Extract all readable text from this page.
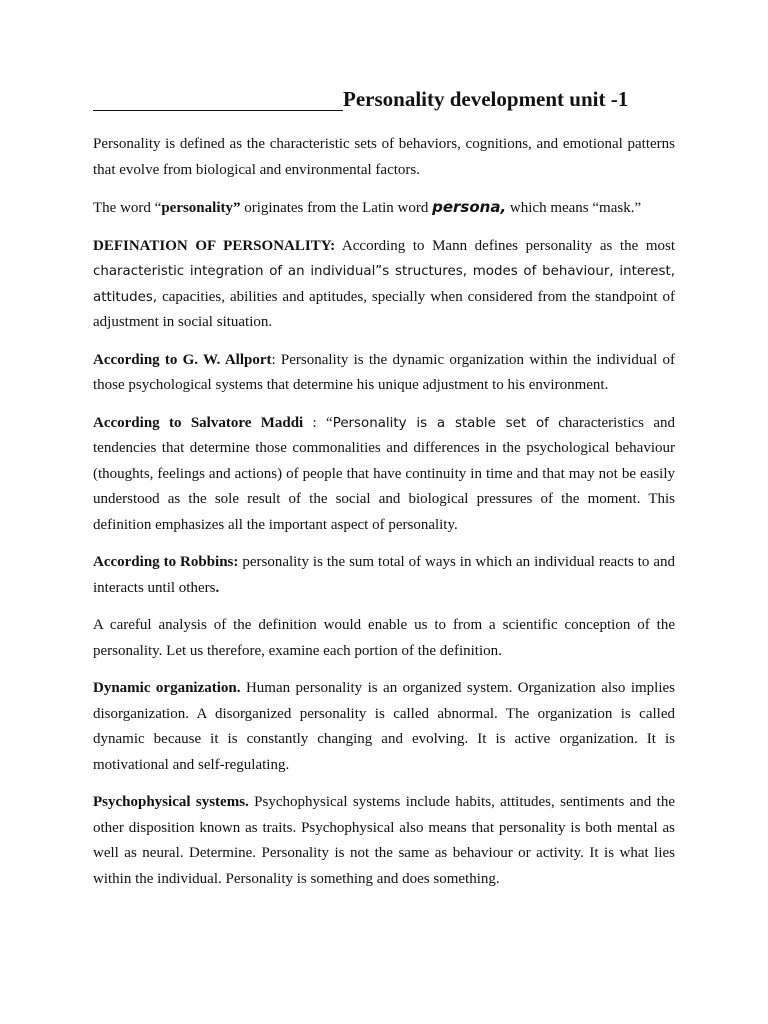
Personality development unit -1

Personality is defined as the characteristic sets of behaviors, cognitions, and emotional patterns that evolve from biological and environmental factors.

The word “personality” originates from the Latin word persona, which means “mask.”

DEFINATION OF PERSONALITY: According to Mann defines personality as the most characteristic integration of an individual”s structures, modes of behaviour, interest, attitudes, capacities, abilities and aptitudes, specially when considered from the standpoint of adjustment in social situation.

According to G. W. Allport: Personality is the dynamic organization within the individual of those psychological systems that determine his unique adjustment to his environment.

According to Salvatore Maddi : “Personality is a stable set of characteristics and tendencies that determine those commonalities and differences in the psychological behaviour (thoughts, feelings and actions) of people that have continuity in time and that may not be easily understood as the sole result of the social and biological pressures of the moment. This definition emphasizes all the important aspect of personality.

According to Robbins: personality is the sum total of ways in which an individual reacts to and interacts until others.

A careful analysis of the definition would enable us to from a scientific conception of the personality. Let us therefore, examine each portion of the definition.

Dynamic organization. Human personality is an organized system. Organization also implies disorganization. A disorganized personality is called abnormal. The organization is called dynamic because it is constantly changing and evolving. It is active organization. It is motivational and self-regulating.

Psychophysical systems. Psychophysical systems include habits, attitudes, sentiments and the other disposition known as traits. Psychophysical also means that personality is both mental as well as neural. Determine. Personality is not the same as behaviour or activity. It is what lies within the individual. Personality is something and does something.
